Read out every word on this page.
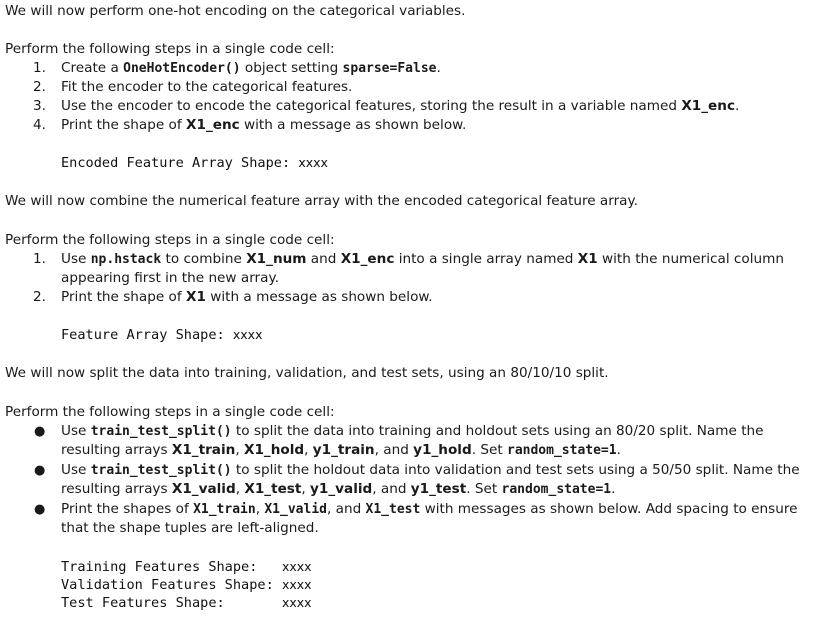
We will now perform one-hot encoding on the categorical variables.
Perform the following steps in a single code cell:
1. Create a OneHotEncoder() object setting sparse=False.
2. Fit the encoder to the categorical features.
3. Use the encoder to encode the categorical features, storing the result in a variable named X1_enc.
4. Print the shape of X1_enc with a message as shown below.
Encoded Feature Array Shape: xxxx
We will now combine the numerical feature array with the encoded categorical feature array.
Perform the following steps in a single code cell:
1. Use np.hstack to combine X1_num and X1_enc into a single array named X1 with the numerical column
appearing first in the new array.
2. Print the shape of X1 with a message as shown below.
Feature Array Shape: xxxx
We will now split the data into training, validation, and test sets, using an 80/10/10 split.
Perform the following steps in a single code cell:
● Use train_test_split() to split the data into training and holdout sets using an 80/20 split. Name the
resulting arrays X1_train, X1_hold, y1_train, and y1_hold. Set random_state=1.
● Use train_test_split() to split the holdout data into validation and test sets using a 50/50 split. Name the
resulting arrays X1_valid, X1_test, y1_valid, and y1_test. Set random_state=1.
● Print the shapes of X1_train, X1_valid, and X1_test with messages as shown below. Add spacing to ensure
that the shape tuples are left-aligned.
Training Features Shape:   xxxx
Validation Features Shape: xxxx
Test Features Shape:       xxxx
